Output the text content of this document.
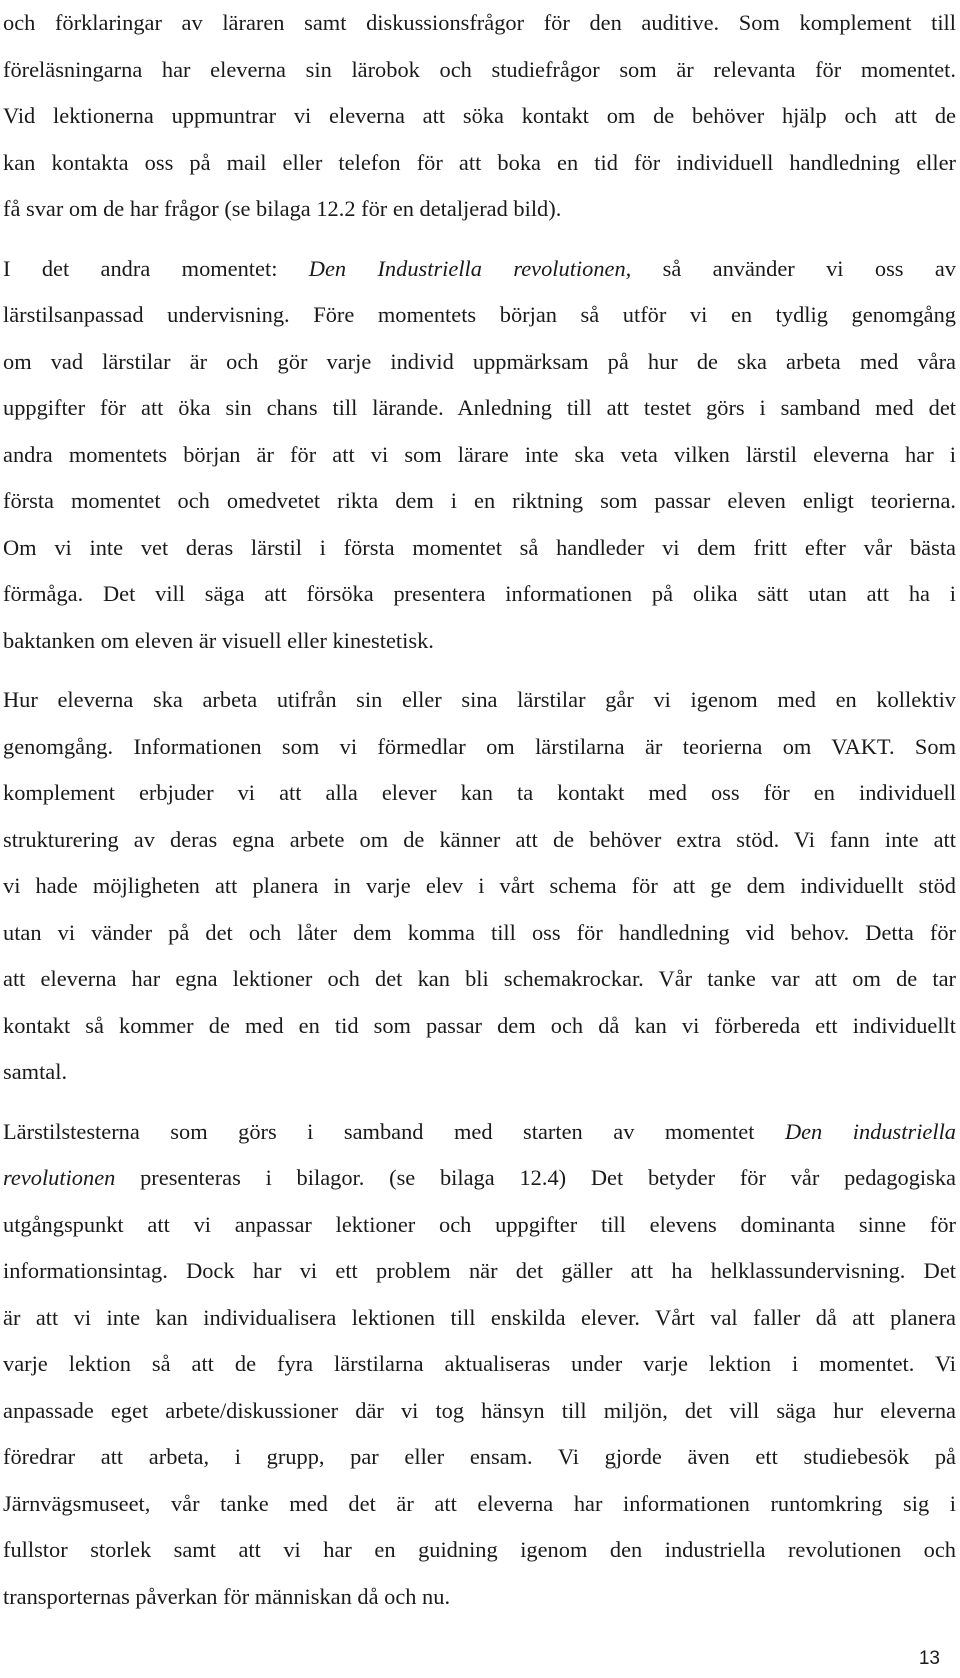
och förklaringar av läraren samt diskussionsfrågor för den auditive. Som komplement till
föreläsningarna har eleverna sin lärobok och studiefrågor som är relevanta för momentet.
Vid lektionerna uppmuntrar vi eleverna att söka kontakt om de behöver hjälp och att de
kan kontakta oss på mail eller telefon för att boka en tid för individuell handledning eller
få svar om de har frågor (se bilaga 12.2 för en detaljerad bild).
I det andra momentet: Den Industriella revolutionen, så använder vi oss av
lärstilsanpassad undervisning. Före momentets början så utför vi en tydlig genomgång
om vad lärstilar är och gör varje individ uppmärksam på hur de ska arbeta med våra
uppgifter för att öka sin chans till lärande. Anledning till att testet görs i samband med det
andra momentets början är för att vi som lärare inte ska veta vilken lärstil eleverna har i
första momentet och omedvetet rikta dem i en riktning som passar eleven enligt teorierna.
Om vi inte vet deras lärstil i första momentet så handleder vi dem fritt efter vår bästa
förmåga. Det vill säga att försöka presentera informationen på olika sätt utan att ha i
baktanken om eleven är visuell eller kinestetisk.
Hur eleverna ska arbeta utifrån sin eller sina lärstilar går vi igenom med en kollektiv
genomgång. Informationen som vi förmedlar om lärstilarna är teorierna om VAKT. Som
komplement erbjuder vi att alla elever kan ta kontakt med oss för en individuell
strukturering av deras egna arbete om de känner att de behöver extra stöd. Vi fann inte att
vi hade möjligheten att planera in varje elev i vårt schema för att ge dem individuellt stöd
utan vi vänder på det och låter dem komma till oss för handledning vid behov. Detta för
att eleverna har egna lektioner och det kan bli schemakrockar. Vår tanke var att om de tar
kontakt så kommer de med en tid som passar dem och då kan vi förbereda ett individuellt
samtal.
Lärstilstesterna som görs i samband med starten av momentet Den industriella
revolutionen presenteras i bilagor. (se bilaga 12.4) Det betyder för vår pedagogiska
utgångspunkt att vi anpassar lektioner och uppgifter till elevens dominanta sinne för
informationsintag. Dock har vi ett problem när det gäller att ha helklassundervisning. Det
är att vi inte kan individualisera lektionen till enskilda elever. Vårt val faller då att planera
varje lektion så att de fyra lärstilarna aktualiseras under varje lektion i momentet. Vi
anpassade eget arbete/diskussioner där vi tog hänsyn till miljön, det vill säga hur eleverna
föredrar att arbeta, i grupp, par eller ensam. Vi gjorde även ett studiebesök på
Järnvägsmuseet, vår tanke med det är att eleverna har informationen runtomkring sig i
fullstor storlek samt att vi har en guidning igenom den industriella revolutionen och
transporternas påverkan för människan då och nu.
13
